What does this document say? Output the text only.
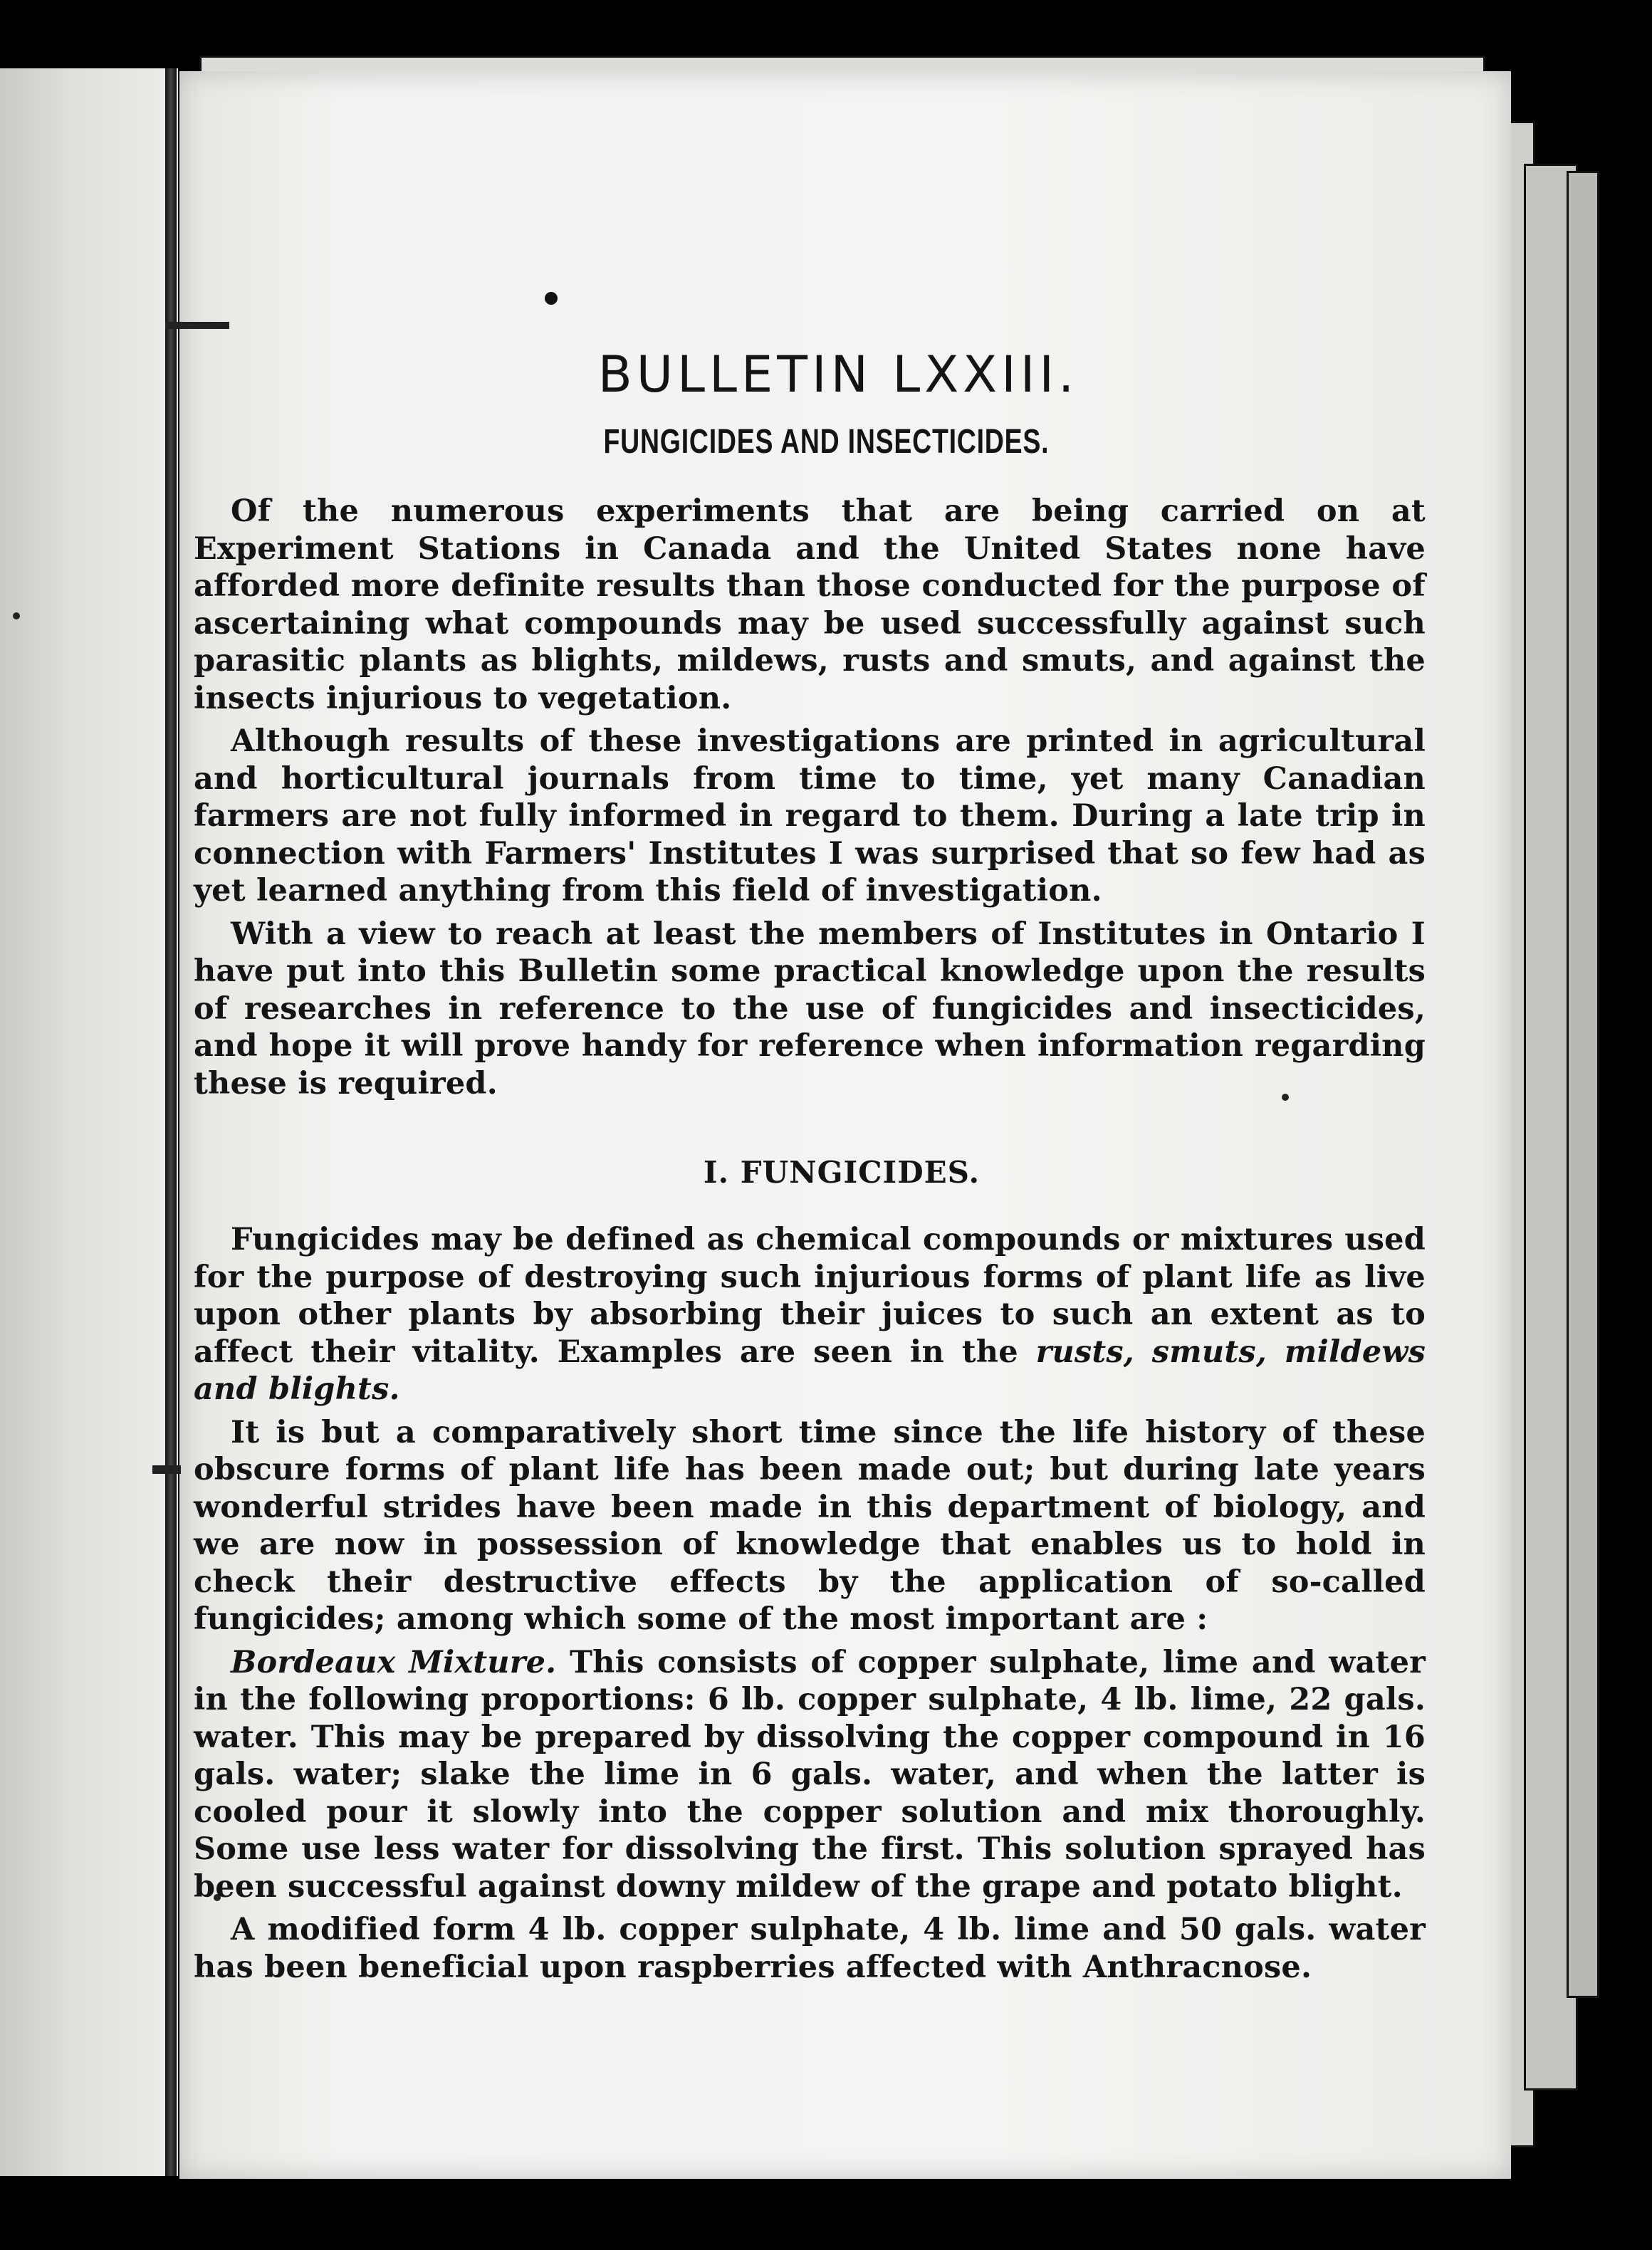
BULLETIN LXXIII.
FUNGICIDES AND INSECTICIDES.

Of the numerous experiments that are being carried on at Experiment Stations in Canada and the United States none have afforded more definite results than those conducted for the purpose of ascertaining what compounds may be used successfully against such parasitic plants as blights, mildews, rusts and smuts, and against the insects injurious to vegetation.

Although results of these investigations are printed in agricultural and horticultural journals from time to time, yet many Canadian farmers are not fully informed in regard to them. During a late trip in connection with Farmers' Institutes I was surprised that so few had as yet learned anything from this field of investigation.

With a view to reach at least the members of Institutes in Ontario I have put into this Bulletin some practical knowledge upon the results of researches in reference to the use of fungicides and insecticides, and hope it will prove handy for reference when information regarding these is required.

I. FUNGICIDES.

Fungicides may be defined as chemical compounds or mixtures used for the purpose of destroying such injurious forms of plant life as live upon other plants by absorbing their juices to such an extent as to affect their vitality. Examples are seen in the rusts, smuts, mildews and blights.

It is but a comparatively short time since the life history of these obscure forms of plant life has been made out; but during late years wonderful strides have been made in this department of biology, and we are now in possession of knowledge that enables us to hold in check their destructive effects by the application of so-called fungicides; among which some of the most important are :

Bordeaux Mixture. This consists of copper sulphate, lime and water in the following proportions: 6 lb. copper sulphate, 4 lb. lime, 22 gals. water. This may be prepared by dissolving the copper compound in 16 gals. water; slake the lime in 6 gals. water, and when the latter is cooled pour it slowly into the copper solution and mix thoroughly. Some use less water for dissolving the first. This solution sprayed has been successful against downy mildew of the grape and potato blight.

A modified form 4 lb. copper sulphate, 4 lb. lime and 50 gals. water has been beneficial upon raspberries affected with Anthracnose.
